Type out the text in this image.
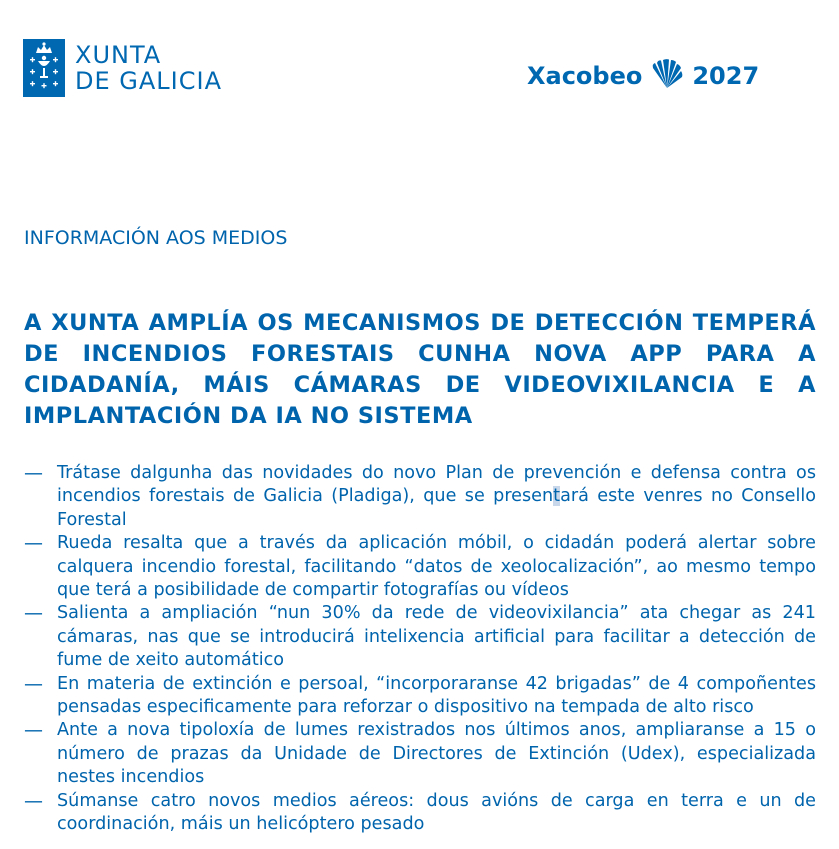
XUNTA
DE GALICIA	Xacobeo 2027
INFORMACIÓN AOS MEDIOS
A XUNTA AMPLÍA OS MECANISMOS DE DETECCIÓN TEMPERÁ DE INCENDIOS FORESTAIS CUNHA NOVA APP PARA A CIDADANÍA, MÁIS CÁMARAS DE VIDEOVIXILANCIA E A IMPLANTACIÓN DA IA NO SISTEMA
— Trátase dalgunha das novidades do novo Plan de prevención e defensa contra os incendios forestais de Galicia (Pladiga), que se presentará este venres no Consello Forestal
— Rueda resalta que a través da aplicación móbil, o cidadán poderá alertar sobre calquera incendio forestal, facilitando “datos de xeolocalización”, ao mesmo tempo que terá a posibilidade de compartir fotografías ou vídeos
— Salienta a ampliación “nun 30% da rede de videovixilancia” ata chegar as 241 cámaras, nas que se introducirá intelixencia artificial para facilitar a detección de fume de xeito automático
— En materia de extinción e persoal, “incorporaranse 42 brigadas” de 4 compoñentes pensadas especificamente para reforzar o dispositivo na tempada de alto risco
— Ante a nova tipoloxía de lumes rexistrados nos últimos anos, ampliaranse a 15 o número de prazas da Unidade de Directores de Extinción (Udex), especializada nestes incendios
— Súmanse catro novos medios aéreos: dous avións de carga en terra e un de coordinación, máis un helicóptero pesado
